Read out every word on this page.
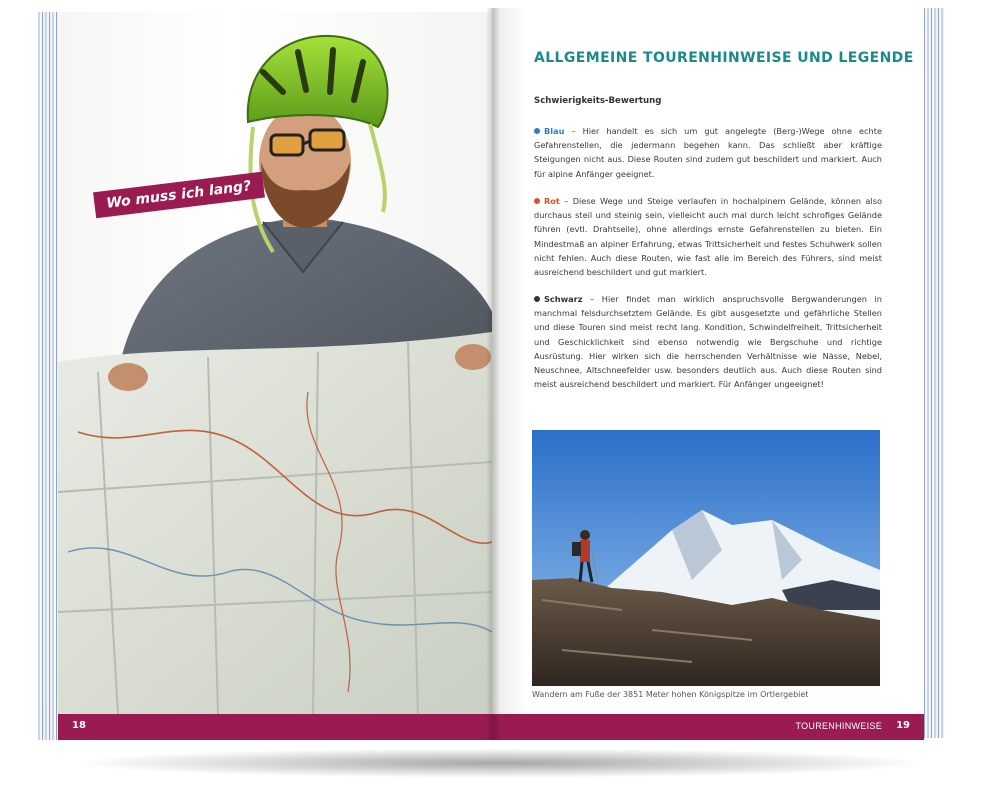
Wo muss ich lang?
18
ALLGEMEINE TOURENHINWEISE UND LEGENDE
Schwierigkeits-Bewertung
Blau – Hier handelt es sich um gut angelegte (Berg-)Wege ohne echte Gefahrenstellen, die jedermann begehen kann. Das schließt aber kräftige Steigungen nicht aus. Diese Routen sind zudem gut beschildert und markiert. Auch für alpine Anfänger geeignet.
Rot – Diese Wege und Steige verlaufen in hochalpinem Gelände, können also durchaus steil und steinig sein, vielleicht auch mal durch leicht schrofiges Gelände führen (evtl. Drahtseile), ohne allerdings ernste Gefahrenstellen zu bieten. Ein Mindestmaß an alpiner Erfahrung, etwas Trittsicherheit und festes Schuhwerk sollen nicht fehlen. Auch diese Routen, wie fast alle im Bereich des Führers, sind meist ausreichend beschildert und gut markiert.
Schwarz – Hier findet man wirklich anspruchsvolle Bergwanderungen in manchmal felsdurchsetztem Gelände. Es gibt ausgesetzte und gefährliche Stellen und diese Touren sind meist recht lang. Kondition, Schwindelfreiheit, Trittsicherheit und Geschicklichkeit sind ebenso notwendig wie Bergschuhe und richtige Ausrüstung. Hier wirken sich die herrschenden Verhältnisse wie Nässe, Nebel, Neuschnee, Altschneefelder usw. besonders deutlich aus. Auch diese Routen sind meist ausreichend beschildert und markiert. Für Anfänger ungeeignet!
Wandern am Fuße der 3851 Meter hohen Königspitze im Ortlergebiet
TOURENHINWEISE 19
